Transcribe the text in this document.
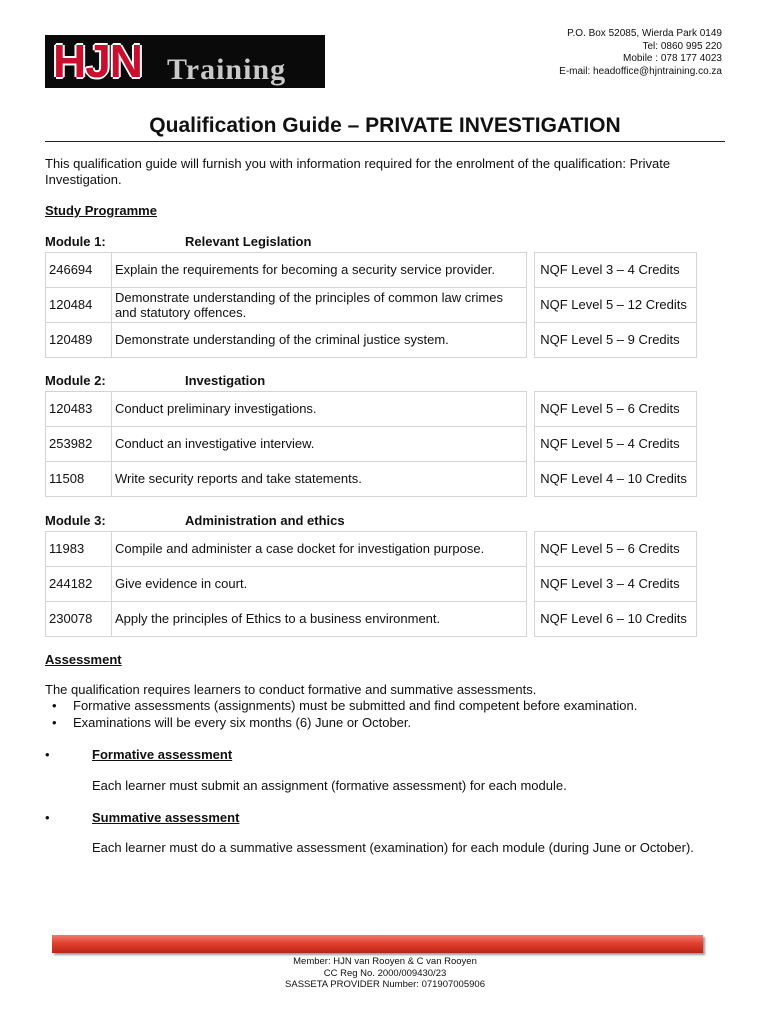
HJN Training
P.O. Box 52085, Wierda Park 0149
Tel: 0860 995 220
Mobile : 078 177 4023
E-mail: headoffice@hjntraining.co.za
Qualification Guide – PRIVATE INVESTIGATION
This qualification guide will furnish you with information required for the enrolment of the qualification: Private Investigation.
Study Programme
Module 1:	Relevant Legislation
246694	Explain the requirements for becoming a security service provider.		NQF Level 3 – 4 Credits
120484	Demonstrate understanding of the principles of common law crimes and statutory offences.		NQF Level 5 – 12 Credits
120489	Demonstrate understanding of the criminal justice system.		NQF Level 5 – 9 Credits
Module 2:	Investigation
120483	Conduct preliminary investigations.		NQF Level 5 – 6 Credits
253982	Conduct an investigative interview.		NQF Level 5 – 4 Credits
11508	Write security reports and take statements.		NQF Level 4 – 10 Credits
Module 3:	Administration and ethics
11983	Compile and administer a case docket for investigation purpose.		NQF Level 5 – 6 Credits
244182	Give evidence in court.		NQF Level 3 – 4 Credits
230078	Apply the principles of Ethics to a business environment.		NQF Level 6 – 10 Credits
Assessment
The qualification requires learners to conduct formative and summative assessments.
• Formative assessments (assignments) must be submitted and find competent before examination.
• Examinations will be every six months (6) June or October.
•	Formative assessment
Each learner must submit an assignment (formative assessment) for each module.
•	Summative assessment
Each learner must do a summative assessment (examination) for each module (during June or October).
Member: HJN van Rooyen & C van Rooyen
CC Reg No. 2000/009430/23
SASSETA PROVIDER Number: 071907005906
